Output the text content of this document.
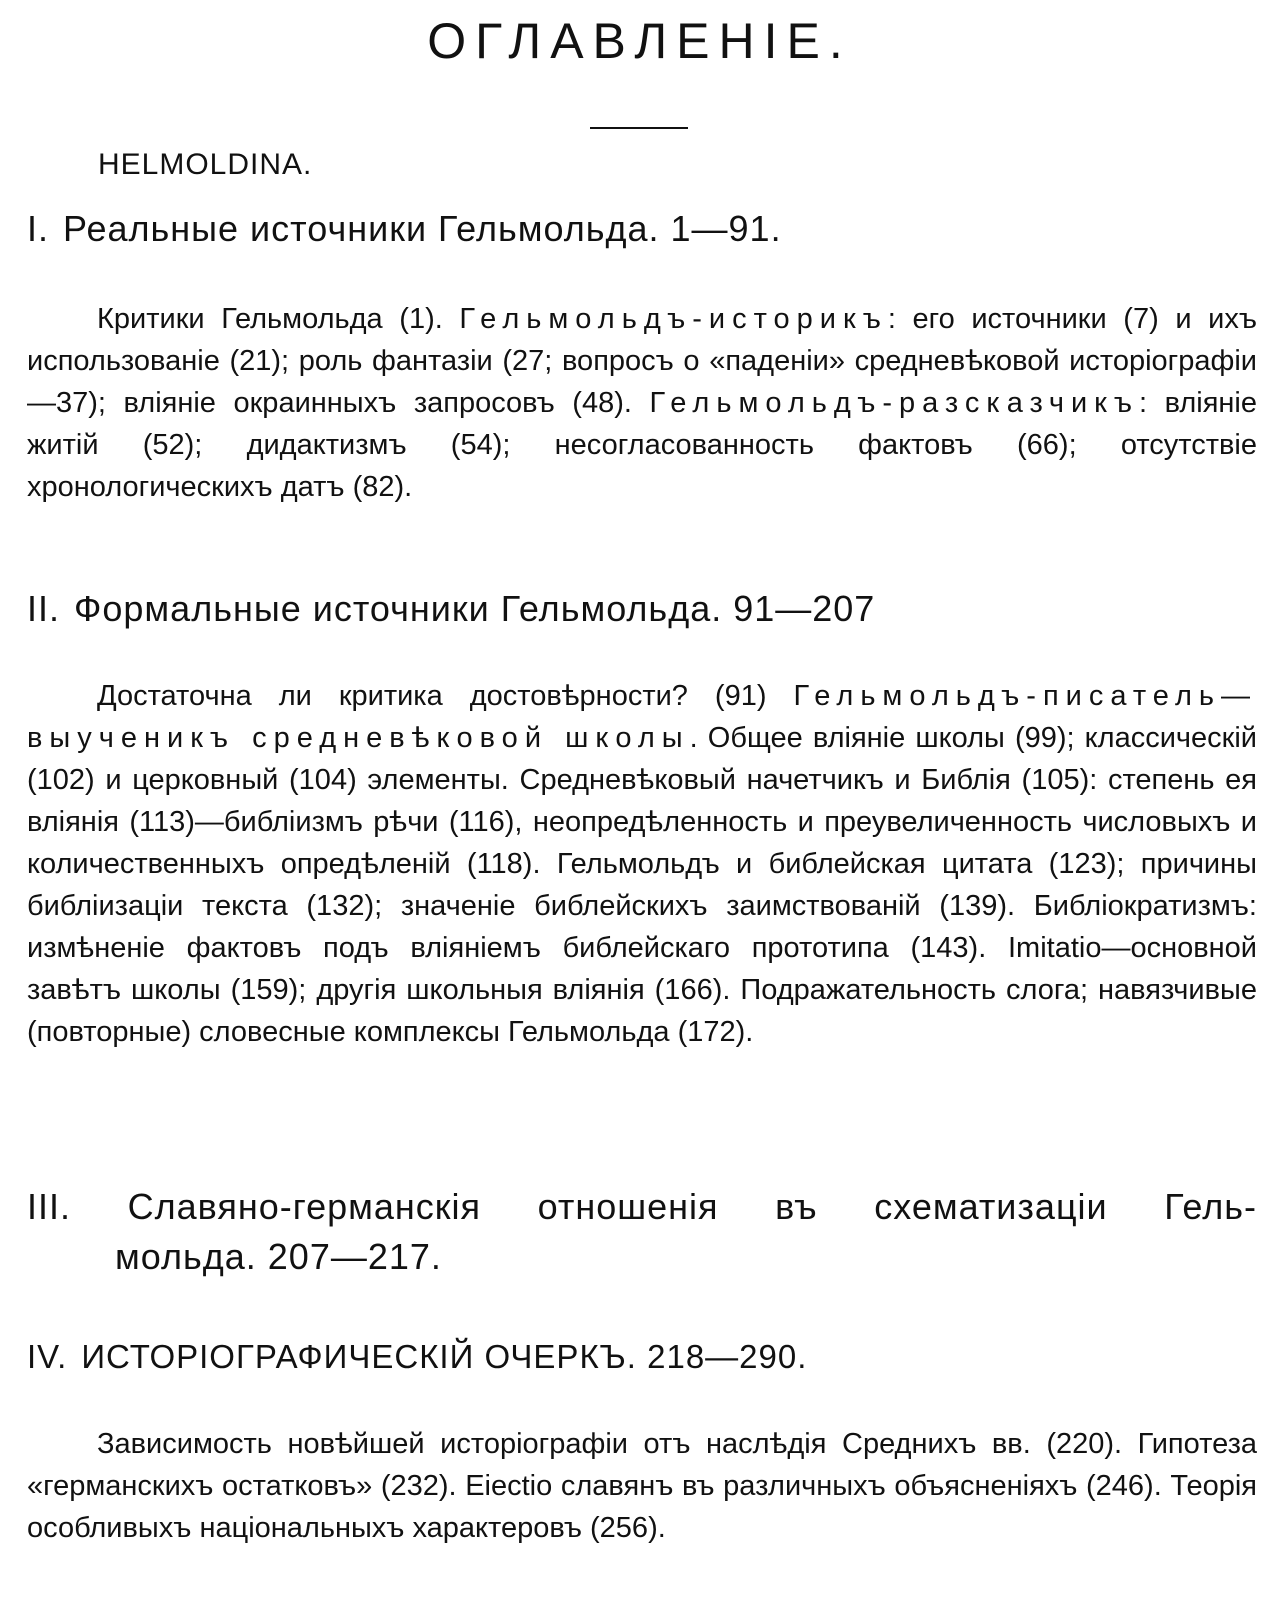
ОГЛАВЛЕНІЕ.
HELMOLDINA.
I. Реальные источники Гельмольда. 1—91.
Критики Гельмольда (1). Гельмольдъ-историкъ: его источники (7) и ихъ использованіе (21); роль фантазіи (27; вопросъ о «паденіи» средневѣковой исторіографіи—37); вліяніе окраинныхъ запросовъ (48). Гельмольдъ-разсказчикъ: вліяніе житій (52); дидактизмъ (54); несогласованность фактовъ (66); отсутствіе хронологическихъ датъ (82).
II. Формальные источники Гельмольда. 91—207
Достаточна ли критика достовѣрности? (91) Гельмольдъ-писатель—выученикъ средневѣковой школы. Общее вліяніе школы (99); классическій (102) и церковный (104) элементы. Средневѣковый начетчикъ и Библія (105): степень ея вліянія (113)—библіизмъ рѣчи (116), неопредѣленность и преувеличенность числовыхъ и количественныхъ опредѣленій (118). Гельмольдъ и библейская цитата (123); причины библіизаціи текста (132); значеніе библейскихъ заимствованій (139). Библіократизмъ: измѣненіе фактовъ подъ вліяніемъ библейскаго прототипа (143). Imitatio—основной завѣтъ школы (159); другія школьныя вліянія (166). Подражательность слога; навязчивые (повторные) словесные комплексы Гельмольда (172).
III. Славяно-германскія отношенія въ схематизаціи Гель-
мольда. 207—217.
IV. ИСТОРІОГРАФИЧЕСКІЙ ОЧЕРКЪ. 218—290.
Зависимость новѣйшей исторіографіи отъ наслѣдія Среднихъ вв. (220). Гипотеза «германскихъ остатковъ» (232). Eiectio славянъ въ различныхъ объясненіяхъ (246). Теорія особливыхъ національныхъ характеровъ (256).
